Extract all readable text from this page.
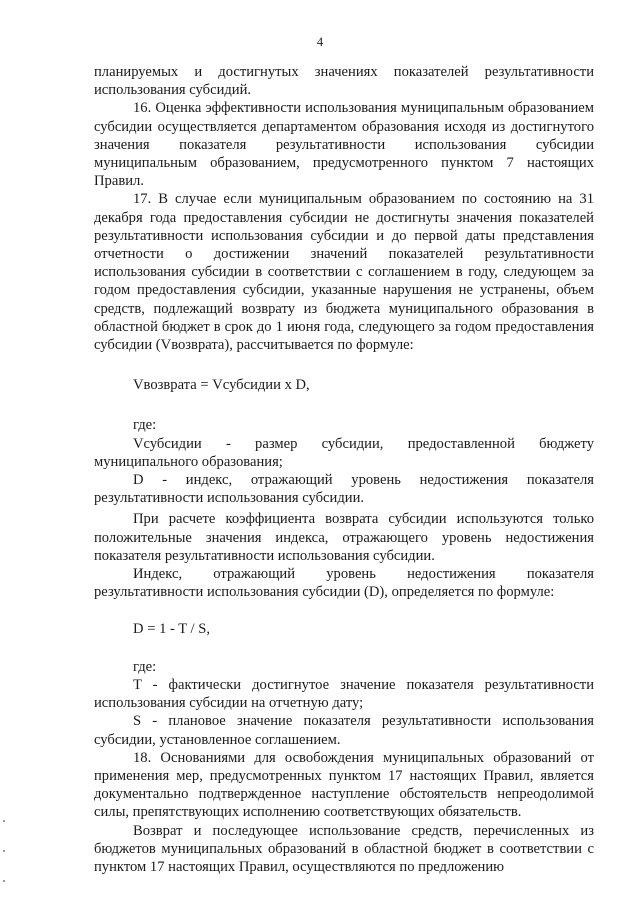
4

планируемых и достигнутых значениях показателей результативности использования субсидий.

16. Оценка эффективности использования муниципальным образованием субсидии осуществляется департаментом образования исходя из достигнутого значения показателя результативности использования субсидии муниципальным образованием, предусмотренного пунктом 7 настоящих Правил.

17. В случае если муниципальным образованием по состоянию на 31 декабря года предоставления субсидии не достигнуты значения показателей результативности использования субсидии и до первой даты представления отчетности о достижении значений показателей результативности использования субсидии в соответствии с соглашением в году, следующем за годом предоставления субсидии, указанные нарушения не устранены, объем средств, подлежащий возврату из бюджета муниципального образования в областной бюджет в срок до 1 июня года, следующего за годом предоставления субсидии (Vвозврата), рассчитывается по формуле:

Vвозврата = Vсубсидии x D,

где:

Vсубсидии - размер субсидии, предоставленной бюджету муниципального образования;

D - индекс, отражающий уровень недостижения показателя результативности использования субсидии.

При расчете коэффициента возврата субсидии используются только положительные значения индекса, отражающего уровень недостижения показателя результативности использования субсидии.

Индекс, отражающий уровень недостижения показателя результативности использования субсидии (D), определяется по формуле:

D = 1 - T / S,

где:

T - фактически достигнутое значение показателя результативности использования субсидии на отчетную дату;

S - плановое значение показателя результативности использования субсидии, установленное соглашением.

18. Основаниями для освобождения муниципальных образований от применения мер, предусмотренных пунктом 17 настоящих Правил, является документально подтвержденное наступление обстоятельств непреодолимой силы, препятствующих исполнению соответствующих обязательств.

Возврат и последующее использование средств, перечисленных из бюджетов муниципальных образований в областной бюджет в соответствии с пунктом 17 настоящих Правил, осуществляются по предложению
